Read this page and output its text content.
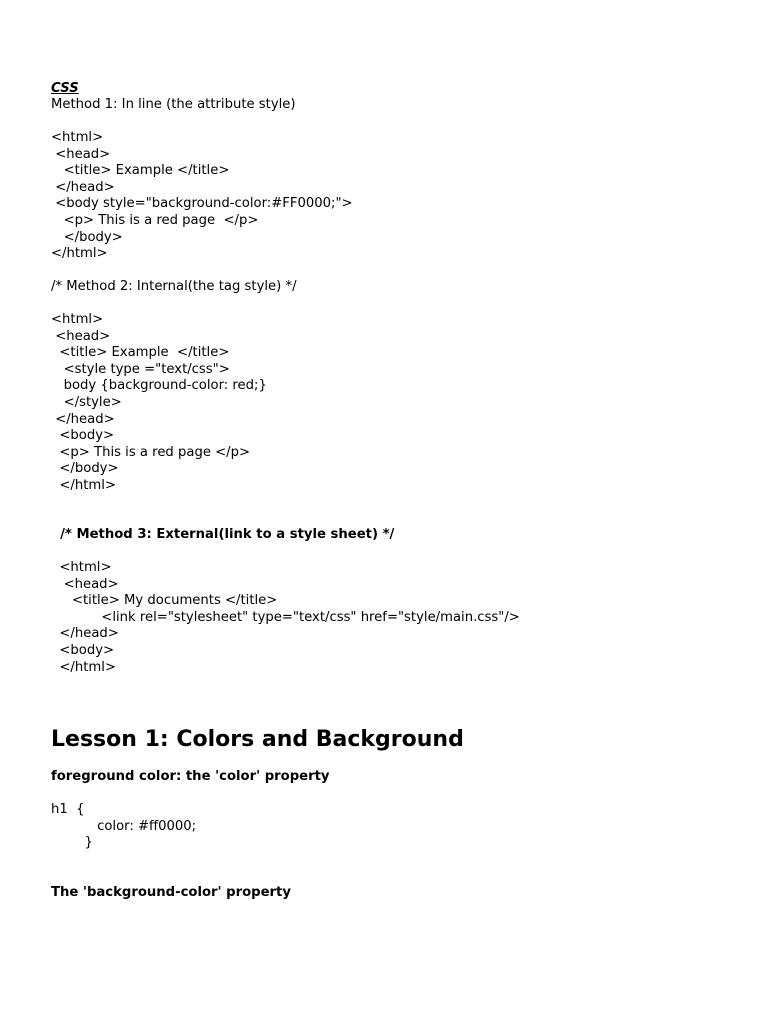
CSS

Method 1: In line (the attribute style)

<html>

<head>

<title> Example </title>

</head>

<body style="background-color:#FF0000;">

<p> This is a red page  </p>

</body>

</html>

/* Method 2: Internal(the tag style) */

<html>

<head>

<title> Example  </title>

<style type ="text/css">

body {background-color: red;}

</style>

</head>

<body>

<p> This is a red page </p>

</body>

</html>

/* Method 3: External(link to a style sheet) */

<html>

<head>

<title> My documents </title>

<link rel="stylesheet" type="text/css" href="style/main.css"/>

</head>

<body>

</html>

Lesson 1: Colors and Background

foreground color: the 'color' property

h1  {

color: #ff0000;

}

The 'background-color' property
